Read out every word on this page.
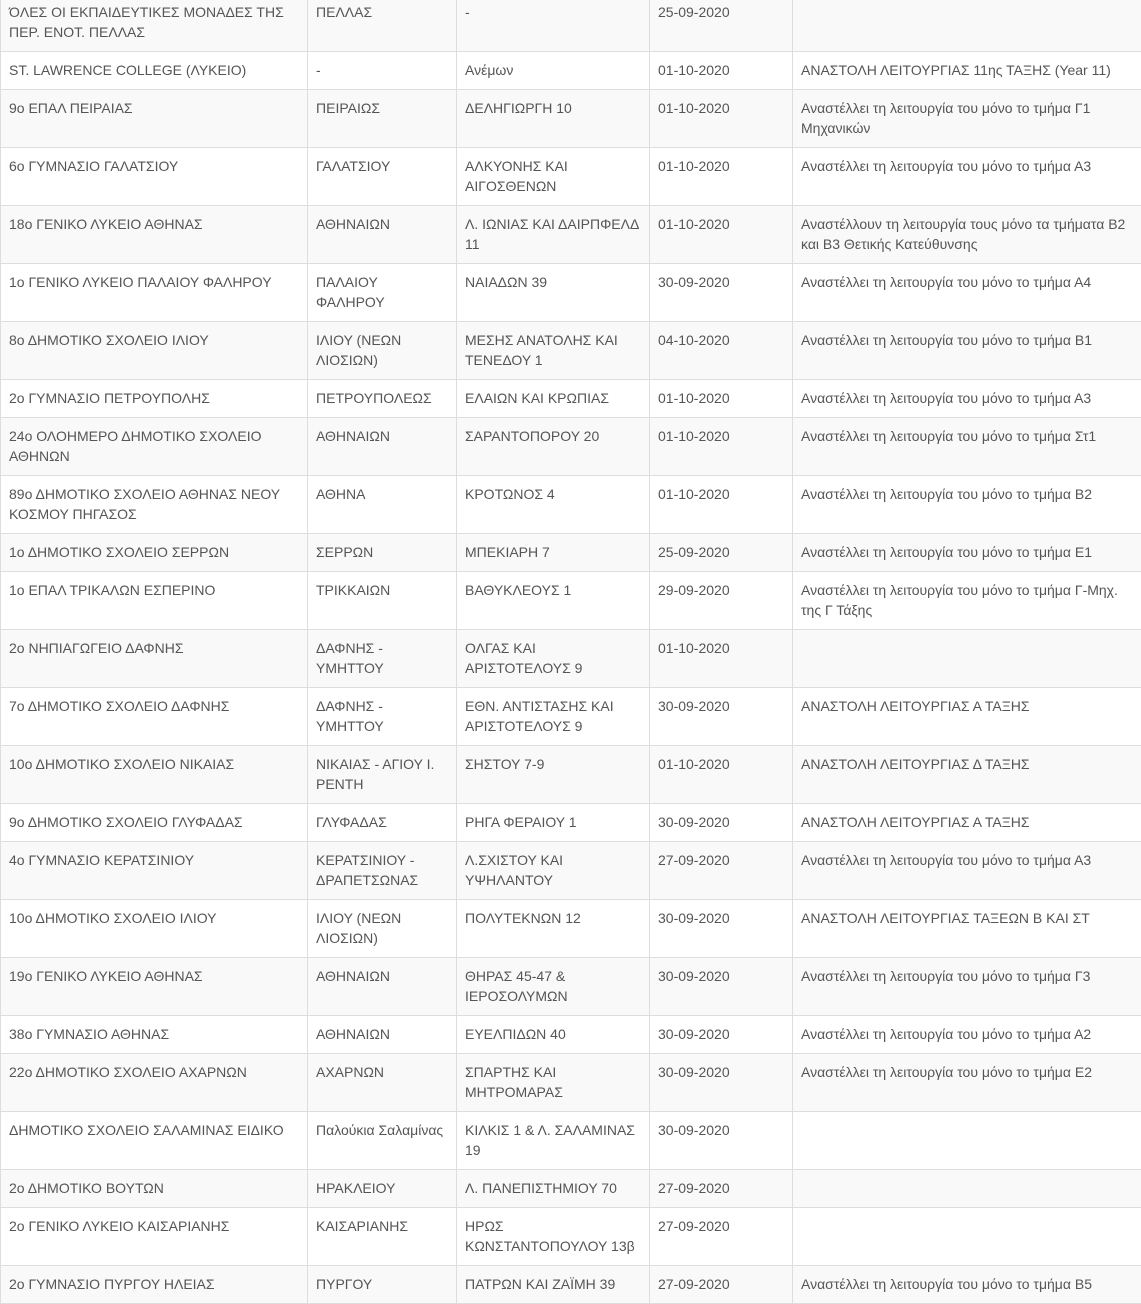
ΌΛΕΣ ΟΙ ΕΚΠΑΙΔΕΥΤΙΚΕΣ ΜΟΝΑΔΕΣ ΤΗΣ ΠΕΡ. ΕΝΟΤ. ΠΕΛΛΑΣ	ΠΕΛΛΑΣ	-	25-09-2020	
ST. LAWRENCE COLLEGE (ΛΥΚΕΙΟ)	-	Ανέμων	01-10-2020	ΑΝΑΣΤΟΛΗ ΛΕΙΤΟΥΡΓΙΑΣ 11ης ΤΑΞΗΣ (Year 11)
9ο ΕΠΑΛ ΠΕΙΡΑΙΑΣ	ΠΕΙΡΑΙΩΣ	ΔΕΛΗΓΙΩΡΓΗ 10	01-10-2020	Αναστέλλει τη λειτουργία του μόνο το τμήμα Γ1 Μηχανικών
6ο ΓΥΜΝΑΣΙΟ ΓΑΛΑΤΣΙΟΥ	ΓΑΛΑΤΣΙΟΥ	ΑΛΚΥΟΝΗΣ ΚΑΙ ΑΙΓΟΣΘΕΝΩΝ	01-10-2020	Αναστέλλει τη λειτουργία του μόνο το τμήμα Α3
18ο ΓΕΝΙΚΟ ΛΥΚΕΙΟ ΑΘΗΝΑΣ	ΑΘΗΝΑΙΩΝ	Λ. ΙΩΝΙΑΣ ΚΑΙ ΔΑΙΡΠΦΕΛΔ 11	01-10-2020	Αναστέλλουν τη λειτουργία τους μόνο τα τμήματα Β2 και Β3 Θετικής Κατεύθυνσης
1ο ΓΕΝΙΚΟ ΛΥΚΕΙΟ ΠΑΛΑΙΟΥ ΦΑΛΗΡΟΥ	ΠΑΛΑΙΟΥ ΦΑΛΗΡΟΥ	ΝΑΙΑΔΩΝ 39	30-09-2020	Αναστέλλει τη λειτουργία του μόνο το τμήμα Α4
8ο ΔΗΜΟΤΙΚΟ ΣΧΟΛΕΙΟ ΙΛΙΟΥ	ΙΛΙΟΥ (ΝΕΩΝ ΛΙΟΣΙΩΝ)	ΜΕΣΗΣ ΑΝΑΤΟΛΗΣ ΚΑΙ ΤΕΝΕΔΟΥ 1	04-10-2020	Αναστέλλει τη λειτουργία του μόνο το τμήμα Β1
2ο ΓΥΜΝΑΣΙΟ ΠΕΤΡΟΥΠΟΛΗΣ	ΠΕΤΡΟΥΠΟΛΕΩΣ	ΕΛΑΙΩΝ ΚΑΙ ΚΡΩΠΙΑΣ	01-10-2020	Αναστέλλει τη λειτουργία του μόνο το τμήμα Α3
24ο ΟΛΟΗΜΕΡΟ ΔΗΜΟΤΙΚΟ ΣΧΟΛΕΙΟ ΑΘΗΝΩΝ	ΑΘΗΝΑΙΩΝ	ΣΑΡΑΝΤΟΠΟΡΟΥ 20	01-10-2020	Αναστέλλει τη λειτουργία του μόνο το τμήμα Στ1
89ο ΔΗΜΟΤΙΚΟ ΣΧΟΛΕΙΟ ΑΘΗΝΑΣ ΝΕΟΥ ΚΟΣΜΟΥ ΠΗΓΑΣΟΣ	ΑΘΗΝΑ	ΚΡΟΤΩΝΟΣ 4	01-10-2020	Αναστέλλει τη λειτουργία του μόνο το τμήμα Β2
1ο ΔΗΜΟΤΙΚΟ ΣΧΟΛΕΙΟ ΣΕΡΡΩΝ	ΣΕΡΡΩΝ	ΜΠΕΚΙΑΡΗ 7	25-09-2020	Αναστέλλει τη λειτουργία του μόνο το τμήμα Ε1
1ο ΕΠΑΛ ΤΡΙΚΑΛΩΝ ΕΣΠΕΡΙΝΟ	ΤΡΙΚΚΑΙΩΝ	ΒΑΘΥΚΛΕΟΥΣ 1	29-09-2020	Αναστέλλει τη λειτουργία του μόνο το τμήμα Γ-Μηχ. της Γ Τάξης
2ο ΝΗΠΙΑΓΩΓΕΙΟ ΔΑΦΝΗΣ	ΔΑΦΝΗΣ - ΥΜΗΤΤΟΥ	ΟΛΓΑΣ ΚΑΙ ΑΡΙΣΤΟΤΕΛΟΥΣ 9	01-10-2020	
7ο ΔΗΜΟΤΙΚΟ ΣΧΟΛΕΙΟ ΔΑΦΝΗΣ	ΔΑΦΝΗΣ - ΥΜΗΤΤΟΥ	ΕΘΝ. ΑΝΤΙΣΤΑΣΗΣ ΚΑΙ ΑΡΙΣΤΟΤΕΛΟΥΣ 9	30-09-2020	ΑΝΑΣΤΟΛΗ ΛΕΙΤΟΥΡΓΙΑΣ Α ΤΑΞΗΣ
10ο ΔΗΜΟΤΙΚΟ ΣΧΟΛΕΙΟ ΝΙΚΑΙΑΣ	ΝΙΚΑΙΑΣ - ΑΓΙΟΥ Ι. ΡΕΝΤΗ	ΣΗΣΤΟΥ 7-9	01-10-2020	ΑΝΑΣΤΟΛΗ ΛΕΙΤΟΥΡΓΙΑΣ Δ ΤΑΞΗΣ
9ο ΔΗΜΟΤΙΚΟ ΣΧΟΛΕΙΟ ΓΛΥΦΑΔΑΣ	ΓΛΥΦΑΔΑΣ	ΡΗΓΑ ΦΕΡΑΙΟΥ 1	30-09-2020	ΑΝΑΣΤΟΛΗ ΛΕΙΤΟΥΡΓΙΑΣ Α ΤΑΞΗΣ
4ο ΓΥΜΝΑΣΙΟ ΚΕΡΑΤΣΙΝΙΟΥ	ΚΕΡΑΤΣΙΝΙΟΥ - ΔΡΑΠΕΤΣΩΝΑΣ	Λ.ΣΧΙΣΤΟΥ ΚΑΙ ΥΨΗΛΑΝΤΟΥ	27-09-2020	Αναστέλλει τη λειτουργία του μόνο το τμήμα Α3
10ο ΔΗΜΟΤΙΚΟ ΣΧΟΛΕΙΟ ΙΛΙΟΥ	ΙΛΙΟΥ (ΝΕΩΝ ΛΙΟΣΙΩΝ)	ΠΟΛΥΤΕΚΝΩΝ 12	30-09-2020	ΑΝΑΣΤΟΛΗ ΛΕΙΤΟΥΡΓΙΑΣ ΤΑΞΕΩΝ Β ΚΑΙ ΣΤ
19ο ΓΕΝΙΚΟ ΛΥΚΕΙΟ ΑΘΗΝΑΣ	ΑΘΗΝΑΙΩΝ	ΘΗΡΑΣ 45-47 & ΙΕΡΟΣΟΛΥΜΩΝ	30-09-2020	Αναστέλλει τη λειτουργία του μόνο το τμήμα Γ3
38ο ΓΥΜΝΑΣΙΟ ΑΘΗΝΑΣ	ΑΘΗΝΑΙΩΝ	ΕΥΕΛΠΙΔΩΝ 40	30-09-2020	Αναστέλλει τη λειτουργία του μόνο το τμήμα Α2
22ο ΔΗΜΟΤΙΚΟ ΣΧΟΛΕΙΟ ΑΧΑΡΝΩΝ	ΑΧΑΡΝΩΝ	ΣΠΑΡΤΗΣ ΚΑΙ ΜΗΤΡΟΜΑΡΑΣ	30-09-2020	Αναστέλλει τη λειτουργία του μόνο το τμήμα Ε2
ΔΗΜΟΤΙΚΟ ΣΧΟΛΕΙΟ ΣΑΛΑΜΙΝΑΣ ΕΙΔΙΚΟ	Παλούκια Σαλαμίνας	ΚΙΛΚΙΣ 1 & Λ. ΣΑΛΑΜΙΝΑΣ 19	30-09-2020	
2ο ΔΗΜΟΤΙΚΟ ΒΟΥΤΩΝ	ΗΡΑΚΛΕΙΟΥ	Λ. ΠΑΝΕΠΙΣΤΗΜΙΟΥ 70	27-09-2020	
2ο ΓΕΝΙΚΟ ΛΥΚΕΙΟ ΚΑΙΣΑΡΙΑΝΗΣ	ΚΑΙΣΑΡΙΑΝΗΣ	ΗΡΩΣ ΚΩΝΣΤΑΝΤΟΠΟΥΛΟΥ 13β	27-09-2020	
2ο ΓΥΜΝΑΣΙΟ ΠΥΡΓΟΥ ΗΛΕΙΑΣ	ΠΥΡΓΟΥ	ΠΑΤΡΩΝ ΚΑΙ ΖΑΪΜΗ 39	27-09-2020	Αναστέλλει τη λειτουργία του μόνο το τμήμα Β5
